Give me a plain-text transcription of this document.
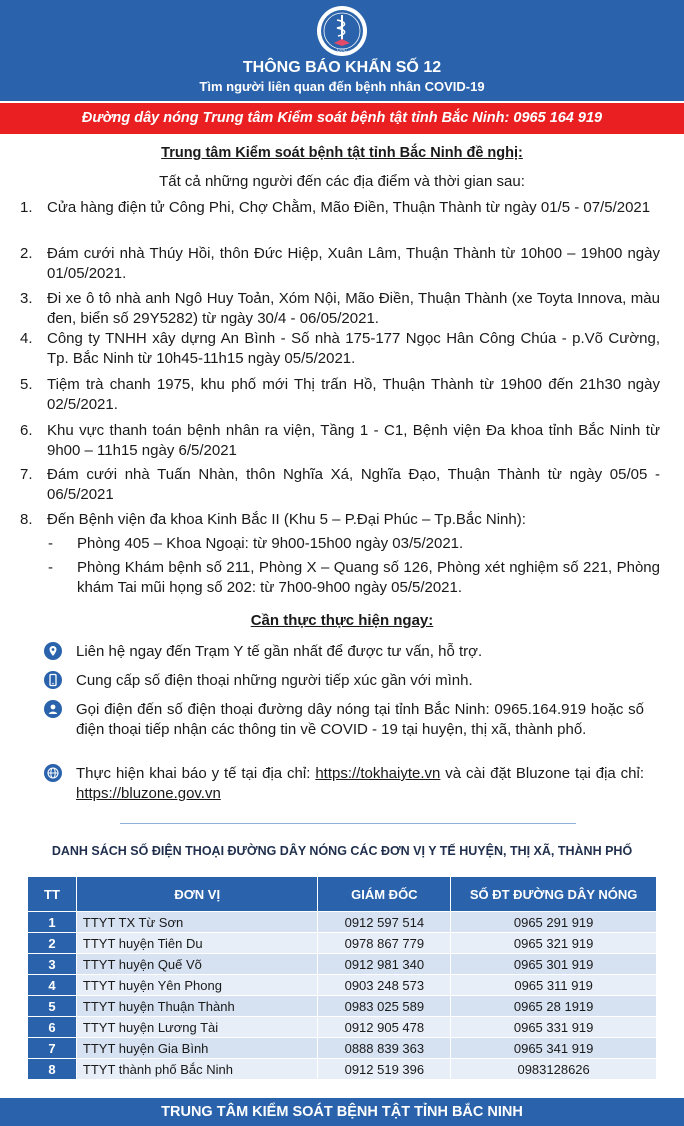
CDC
THÔNG BÁO KHẨN SỐ 12
Tìm người liên quan đến bệnh nhân COVID-19
Đường dây nóng Trung tâm Kiểm soát bệnh tật tỉnh Bắc Ninh: 0965 164 919
Trung tâm Kiểm soát bệnh tật tỉnh Bắc Ninh đề nghị:
Tất cả những người đến các địa điểm và thời gian sau:
1. Cửa hàng điện tử Công Phi, Chợ Chằm, Mão Điền, Thuận Thành từ ngày 01/5 - 07/5/2021
2. Đám cưới nhà Thúy Hồi, thôn Đức Hiệp, Xuân Lâm, Thuận Thành từ 10h00 – 19h00 ngày 01/05/2021.
3. Đi xe ô tô nhà anh Ngô Huy Toản, Xóm Nội, Mão Điền, Thuận Thành (xe Toyta Innova, màu đen, biển số 29Y5282) từ ngày 30/4 - 06/05/2021.
4. Công ty TNHH xây dựng An Bình - Số nhà 175-177 Ngọc Hân Công Chúa - p.Võ Cường, Tp. Bắc Ninh từ 10h45-11h15 ngày 05/5/2021.
5. Tiệm trà chanh 1975, khu phố mới Thị trấn Hồ, Thuận Thành từ 19h00 đến 21h30 ngày 02/5/2021.
6. Khu vực thanh toán bệnh nhân ra viện, Tầng 1 - C1, Bệnh viện Đa khoa tỉnh Bắc Ninh từ 9h00 – 11h15 ngày 6/5/2021
7. Đám cưới nhà Tuấn Nhàn, thôn Nghĩa Xá, Nghĩa Đạo, Thuận Thành từ ngày 05/05 - 06/5/2021
8. Đến Bệnh viện đa khoa Kinh Bắc II (Khu 5 – P.Đại Phúc – Tp.Bắc Ninh):
-	Phòng 405 – Khoa Ngoại: từ 9h00-15h00 ngày 03/5/2021.
-	Phòng Khám bệnh số 211, Phòng X – Quang số 126, Phòng xét nghiệm số 221, Phòng khám Tai mũi họng số 202: từ 7h00-9h00 ngày 05/5/2021.
Cần thực thực hiện ngay:
Liên hệ ngay đến Trạm Y tế gần nhất để được tư vấn, hỗ trợ.
Cung cấp số điện thoại những người tiếp xúc gần với mình.
Gọi điện đến số điện thoại đường dây nóng tại tỉnh Bắc Ninh: 0965.164.919 hoặc số điện thoại tiếp nhận các thông tin về COVID - 19 tại huyện, thị xã, thành phố.
Thực hiện khai báo y tế tại địa chỉ: https://tokhaiyte.vn và cài đặt Bluzone tại địa chỉ: https://bluzone.gov.vn
DANH SÁCH SỐ ĐIỆN THOẠI ĐƯỜNG DÂY NÓNG CÁC ĐƠN VỊ Y TẾ HUYỆN, THỊ XÃ, THÀNH PHỐ
TT	ĐƠN VỊ	GIÁM ĐỐC	SỐ ĐT ĐƯỜNG DÂY NÓNG
1	TTYT TX Từ Sơn	0912 597 514	0965 291 919
2	TTYT huyện Tiên Du	0978 867 779	0965 321 919
3	TTYT huyện Quế Võ	0912 981 340	0965 301 919
4	TTYT huyện Yên Phong	0903 248 573	0965 311 919
5	TTYT huyện Thuận Thành	0983 025 589	0965 28 1919
6	TTYT huyện Lương Tài	0912 905 478	0965 331 919
7	TTYT huyện Gia Bình	0888 839 363	0965 341 919
8	TTYT thành phố Bắc Ninh	0912 519 396	0983128626
TRUNG TÂM KIỂM SOÁT BỆNH TẬT TỈNH BẮC NINH
